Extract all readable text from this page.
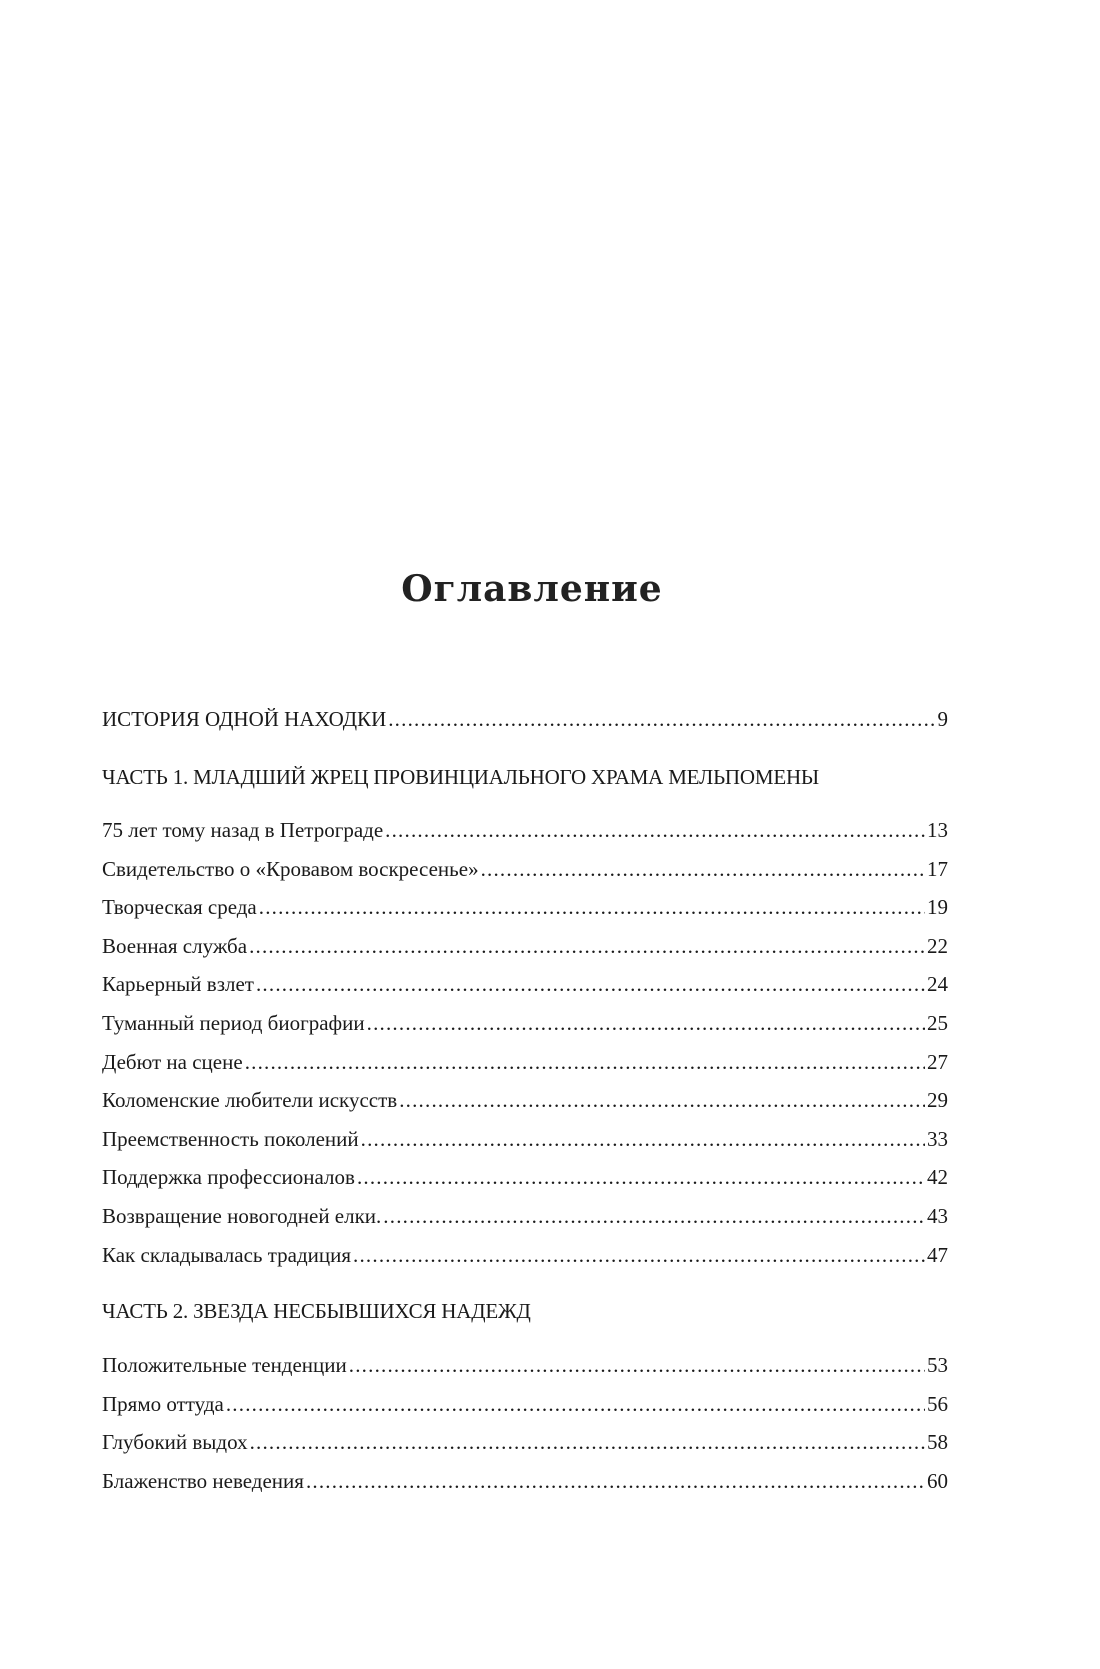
Оглавление
ИСТОРИЯ ОДНОЙ НАХОДКИ .....	9
ЧАСТЬ 1. МЛАДШИЙ ЖРЕЦ ПРОВИНЦИАЛЬНОГО ХРАМА МЕЛЬПОМЕНЫ
75 лет тому назад в Петрограде .....	13
Свидетельство о «Кровавом воскресенье» .....	17
Творческая среда .....	19
Военная служба .....	22
Карьерный взлет .....	24
Туманный период биографии .....	25
Дебют на сцене .....	27
Коломенские любители искусств .....	29
Преемственность поколений .....	33
Поддержка профессионалов .....	42
Возвращение новогодней елки. .....	43
Как складывалась традиция .....	47
ЧАСТЬ 2. ЗВЕЗДА НЕСБЫВШИХСЯ НАДЕЖД
Положительные тенденции .....	53
Прямо оттуда .....	56
Глубокий выдох .....	58
Блаженство неведения .....	60
